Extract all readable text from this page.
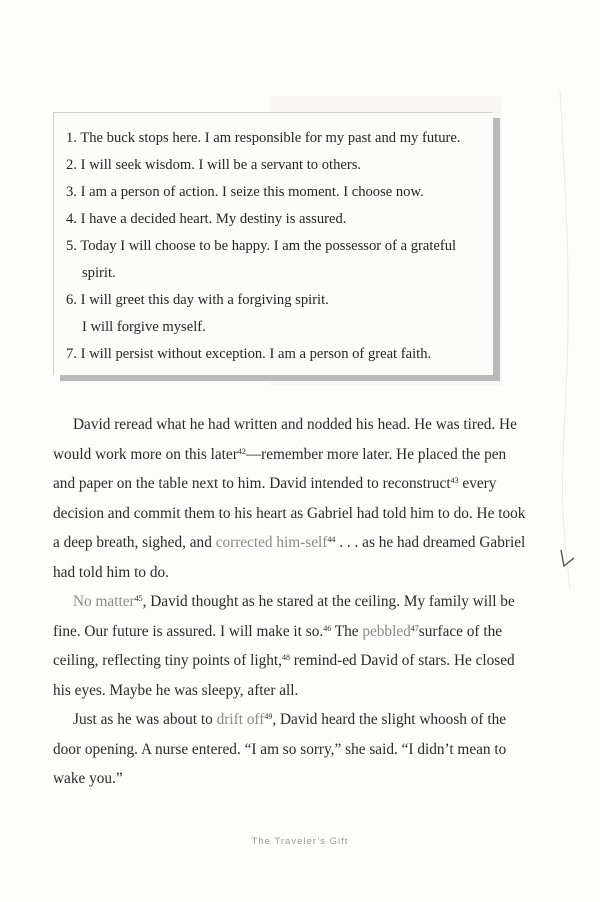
1. The buck stops here. I am responsible for my past and my future.
2. I will seek wisdom. I will be a servant to others.
3. I am a person of action. I seize this moment. I choose now.
4. I have a decided heart. My destiny is assured.
5. Today I will choose to be happy. I am the possessor of a grateful
spirit.
6. I will greet this day with a forgiving spirit.
I will forgive myself.
7. I will persist without exception. I am a person of great faith.

David reread what he had written and nodded his head. He was tired. He would work more on this later$^{42}$—remember more later. He placed the pen and paper on the table next to him. David intended to reconstruct$^{43}$ every decision and commit them to his heart as Gabriel had told him to do. He took a deep breath, sighed, and corrected him-self$^{44}$ . . . as he had dreamed Gabriel had told him to do.

No matter$^{45}$, David thought as he stared at the ceiling. My family will be fine. Our future is assured. I will make it so.$^{46}$ The pebbled$^{47}$surface of the ceiling, reflecting tiny points of light,$^{48}$ remind-ed David of stars. He closed his eyes. Maybe he was sleepy, after all.

Just as he was about to drift off$^{49}$, David heard the slight whoosh of the door opening. A nurse entered. “I am so sorry,” she said. “I didn’t mean to wake you.”

The Traveler’s Gift
